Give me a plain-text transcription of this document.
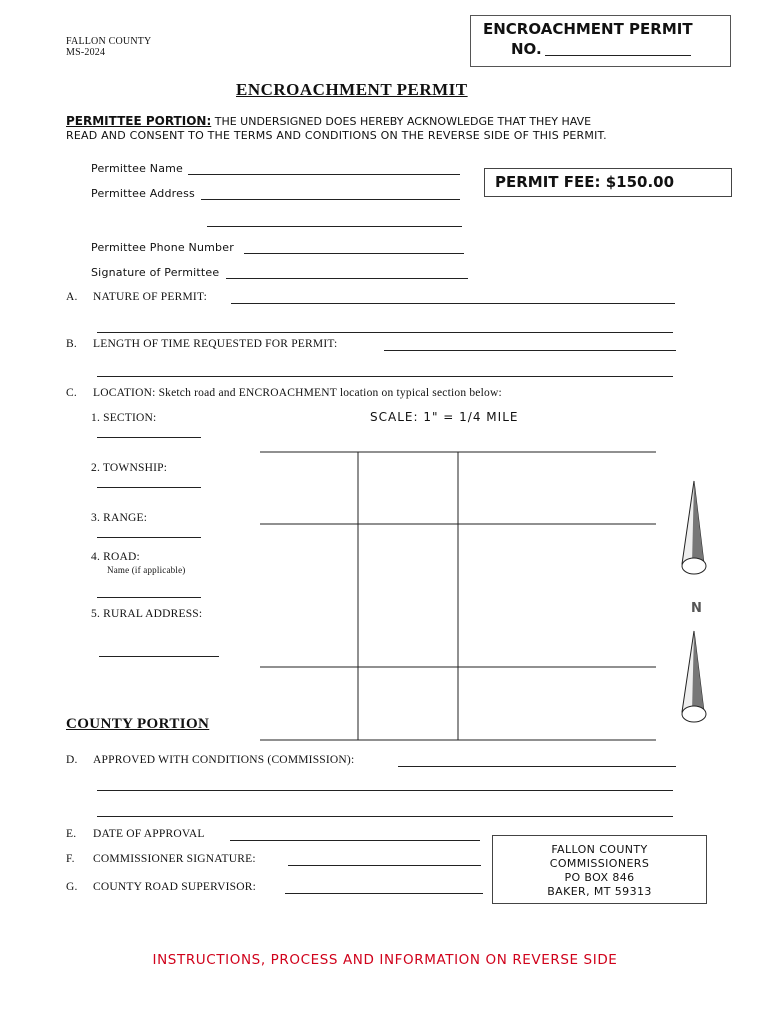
FALLON COUNTY
MS-2024
ENCROACHMENT PERMIT
NO.
ENCROACHMENT PERMIT
PERMITTEE PORTION: THE UNDERSIGNED DOES HEREBY ACKNOWLEDGE THAT THEY HAVE
READ AND CONSENT TO THE TERMS AND CONDITIONS ON THE REVERSE SIDE OF THIS PERMIT.
Permittee Name
Permittee Address
PERMIT FEE: $150.00
Permittee Phone Number
Signature of Permittee
A. NATURE OF PERMIT:
B. LENGTH OF TIME REQUESTED FOR PERMIT:
C. LOCATION: Sketch road and ENCROACHMENT location on typical section below:
SCALE: 1" = 1/4 MILE
1. SECTION:
2. TOWNSHIP:
3. RANGE:
4. ROAD:
Name (if applicable)
5. RURAL ADDRESS:	N
COUNTY PORTION
D. APPROVED WITH CONDITIONS (COMMISSION):
E. DATE OF APPROVAL
F. COMMISSIONER SIGNATURE:
G. COUNTY ROAD SUPERVISOR:
FALLON COUNTY
COMMISSIONERS
PO BOX 846
BAKER, MT 59313
INSTRUCTIONS, PROCESS AND INFORMATION ON REVERSE SIDE
